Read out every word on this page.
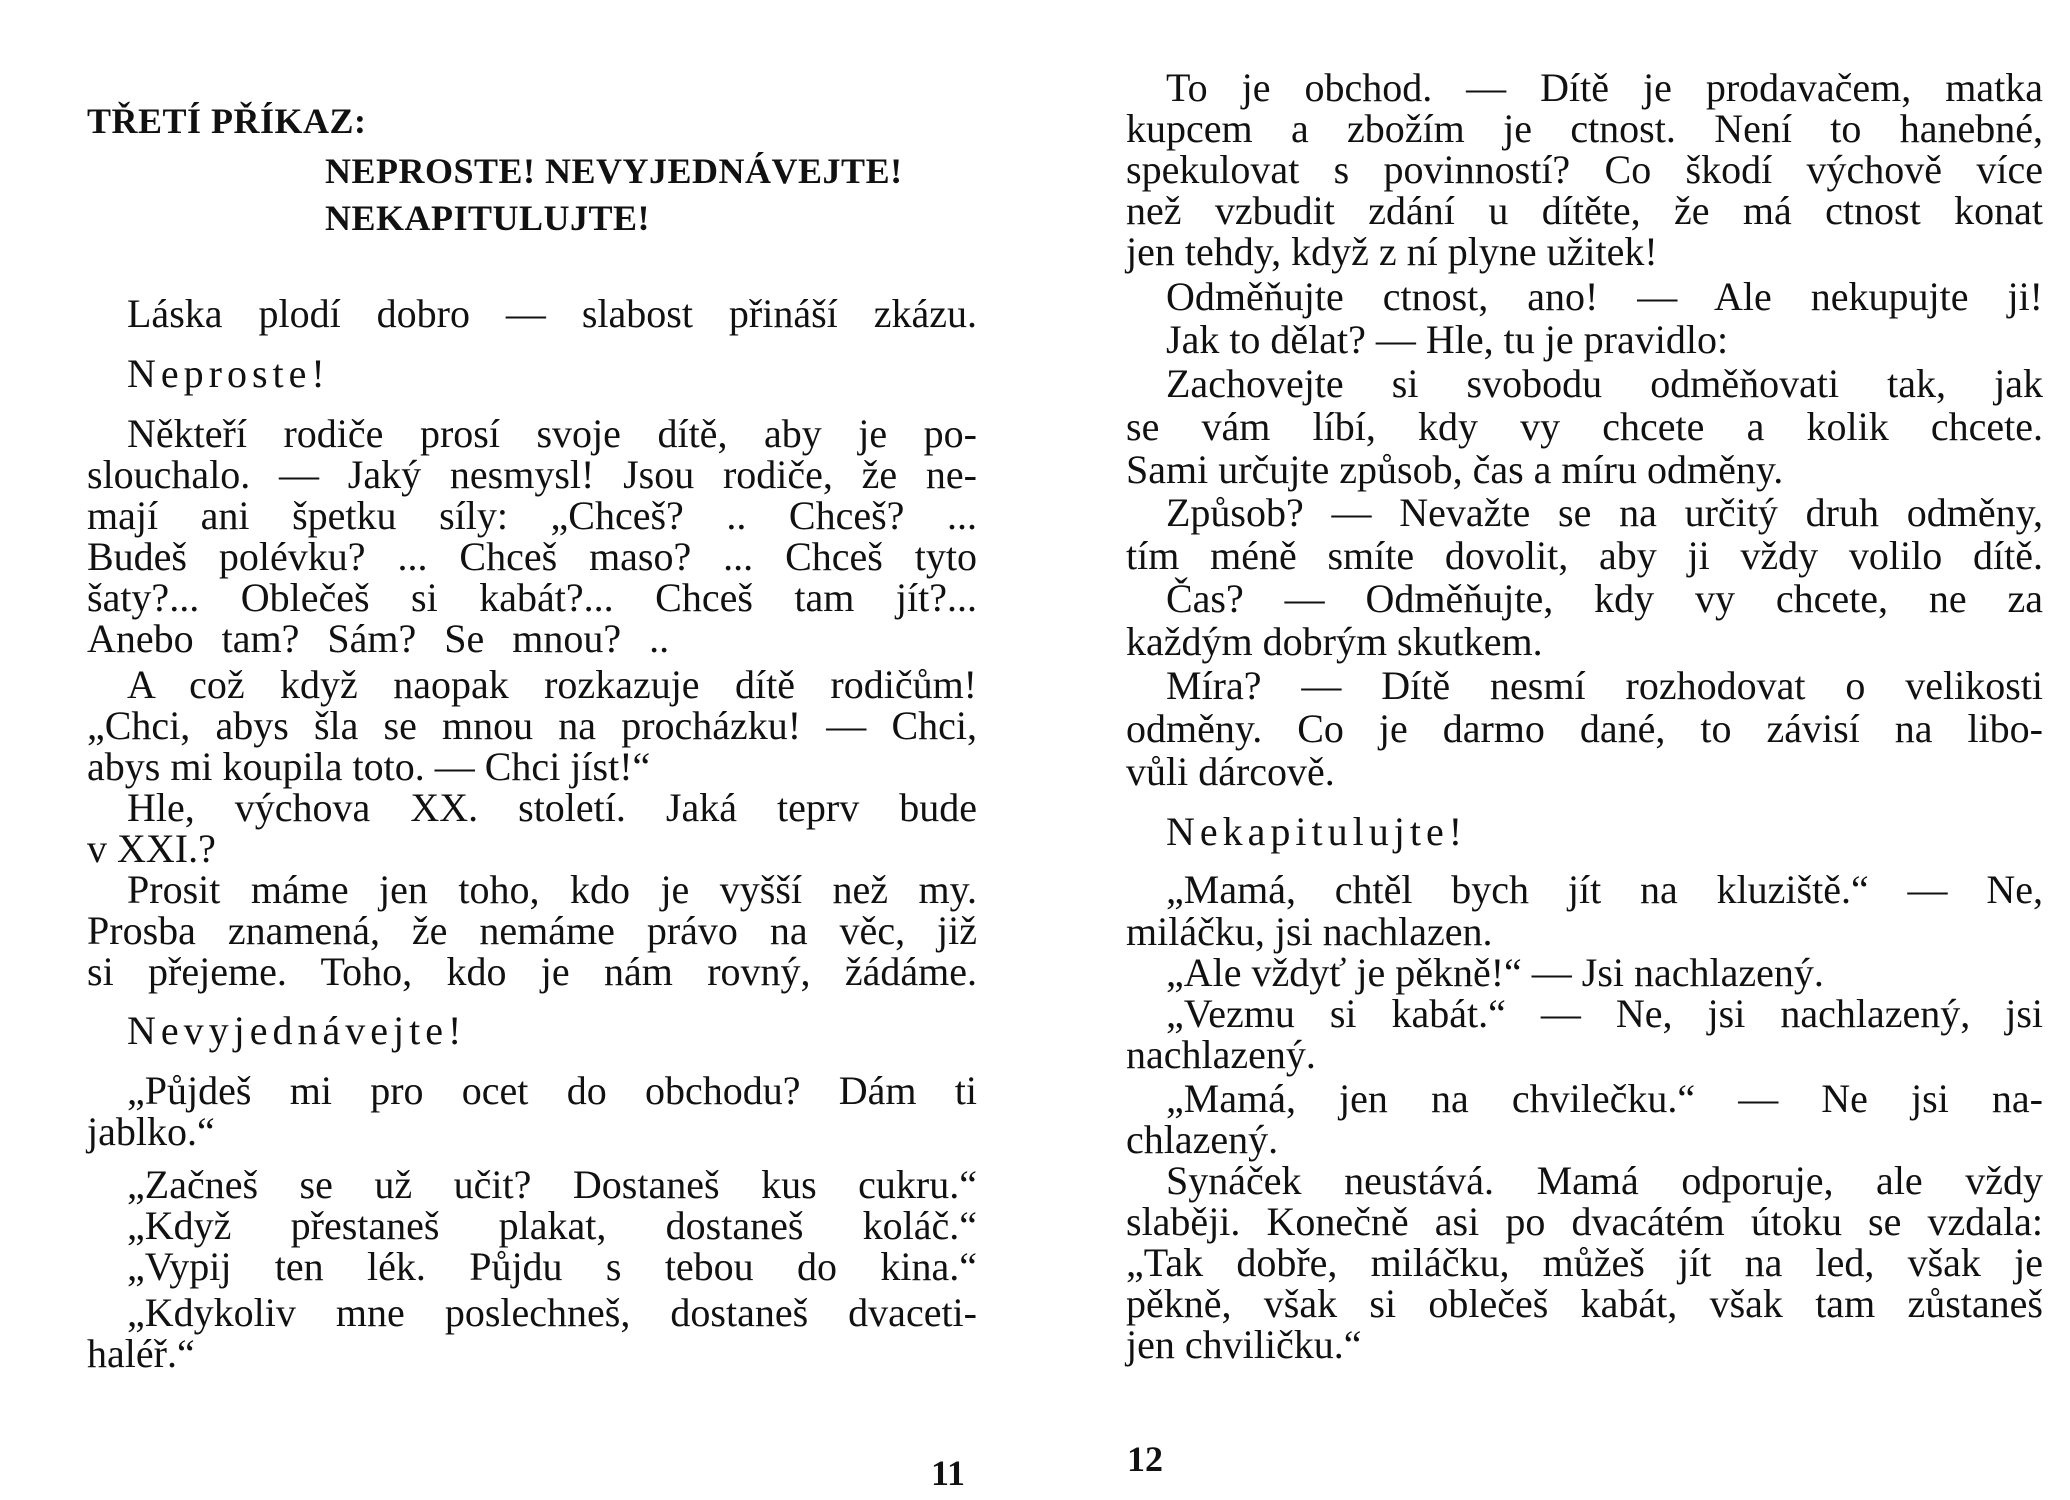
TŘETÍ PŘÍKAZ:
NEPROSTE! NEVYJEDNÁVEJTE!
NEKAPITULUJTE!
Láska plodí dobro — slabost přináší zkázu.
Neproste!
Někteří rodiče prosí svoje dítě, aby je po-
slouchalo. — Jaký nesmysl! Jsou rodiče, že ne-
mají ani špetku síly: „Chceš? .. Chceš? ...
Budeš polévku? ... Chceš maso? ... Chceš tyto
šaty?... Oblečeš si kabát?... Chceš tam jít?...
Anebo tam? Sám? Se mnou? ..
A což když naopak rozkazuje dítě rodičům!
„Chci, abys šla se mnou na procházku! — Chci,
abys mi koupila toto. — Chci jíst!“
Hle, výchova XX. století. Jaká teprv bude
v XXI.?
Prosit máme jen toho, kdo je vyšší než my.
Prosba znamená, že nemáme právo na věc, již
si přejeme. Toho, kdo je nám rovný, žádáme.
Nevyjednávejte!
„Půjdeš mi pro ocet do obchodu? Dám ti
jablko.“
„Začneš se už učit? Dostaneš kus cukru.“
„Když přestaneš plakat, dostaneš koláč.“
„Vypij ten lék. Půjdu s tebou do kina.“
„Kdykoliv mne poslechneš, dostaneš dvaceti-
haléř.“
11
To je obchod. — Dítě je prodavačem, matka
kupcem a zbožím je ctnost. Není to hanebné,
spekulovat s povinností? Co škodí výchově více
než vzbudit zdání u dítěte, že má ctnost konat
jen tehdy, když z ní plyne užitek!
Odměňujte ctnost, ano! — Ale nekupujte ji!
Jak to dělat? — Hle, tu je pravidlo:
Zachovejte si svobodu odměňovati tak, jak
se vám líbí, kdy vy chcete a kolik chcete.
Sami určujte způsob, čas a míru odměny.
Způsob? — Nevažte se na určitý druh odměny,
tím méně smíte dovolit, aby ji vždy volilo dítě.
Čas? — Odměňujte, kdy vy chcete, ne za
každým dobrým skutkem.
Míra? — Dítě nesmí rozhodovat o velikosti
odměny. Co je darmo dané, to závisí na libo-
vůli dárcově.
Nekapitulujte!
„Mamá, chtěl bych jít na kluziště.“ — Ne,
miláčku, jsi nachlazen.
„Ale vždyť je pěkně!“ — Jsi nachlazený.
„Vezmu si kabát.“ — Ne, jsi nachlazený, jsi
nachlazený.
„Mamá, jen na chvilečku.“ — Ne jsi na-
chlazený.
Synáček neustává. Mamá odporuje, ale vždy
slaběji. Konečně asi po dvacátém útoku se vzdala:
„Tak dobře, miláčku, můžeš jít na led, však je
pěkně, však si oblečeš kabát, však tam zůstaneš
jen chviličku.“
12
